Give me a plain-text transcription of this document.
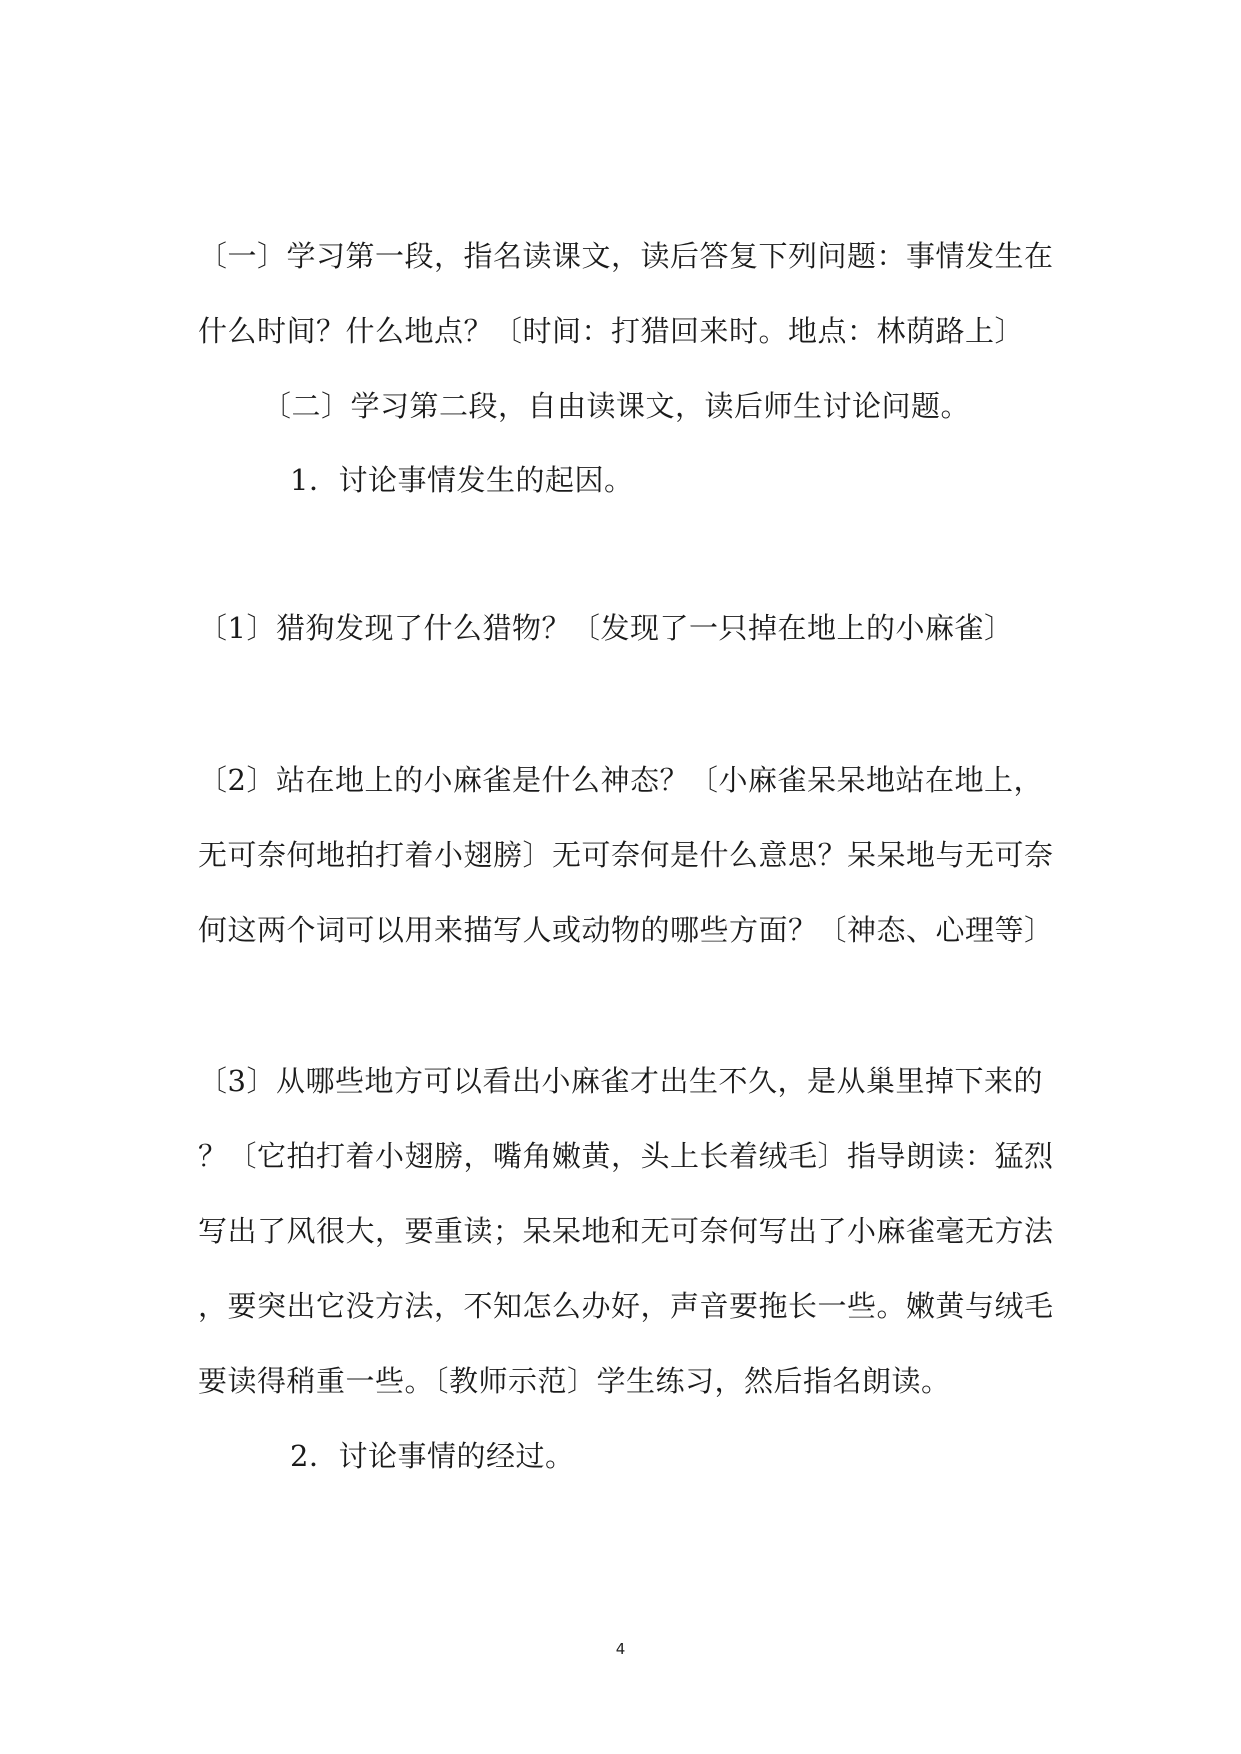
〔一〕学习第一段，指名读课文，读后答复下列问题：事情发生在
什么时间？什么地点？〔时间：打猎回来时。地点：林荫路上〕
〔二〕学习第二段，自由读课文，读后师生讨论问题。
1．讨论事情发生的起因。
〔1〕猎狗发现了什么猎物？〔发现了一只掉在地上的小麻雀〕
〔2〕站在地上的小麻雀是什么神态？〔小麻雀呆呆地站在地上，
无可奈何地拍打着小翅膀〕无可奈何是什么意思？呆呆地与无可奈
何这两个词可以用来描写人或动物的哪些方面？〔神态、心理等〕
〔3〕从哪些地方可以看出小麻雀才出生不久，是从巢里掉下来的
？〔它拍打着小翅膀，嘴角嫩黄，头上长着绒毛〕指导朗读：猛烈
写出了风很大，要重读；呆呆地和无可奈何写出了小麻雀毫无方法
，要突出它没方法，不知怎么办好，声音要拖长一些。嫩黄与绒毛
要读得稍重一些。〔教师示范〕学生练习，然后指名朗读。
2．讨论事情的经过。
4
